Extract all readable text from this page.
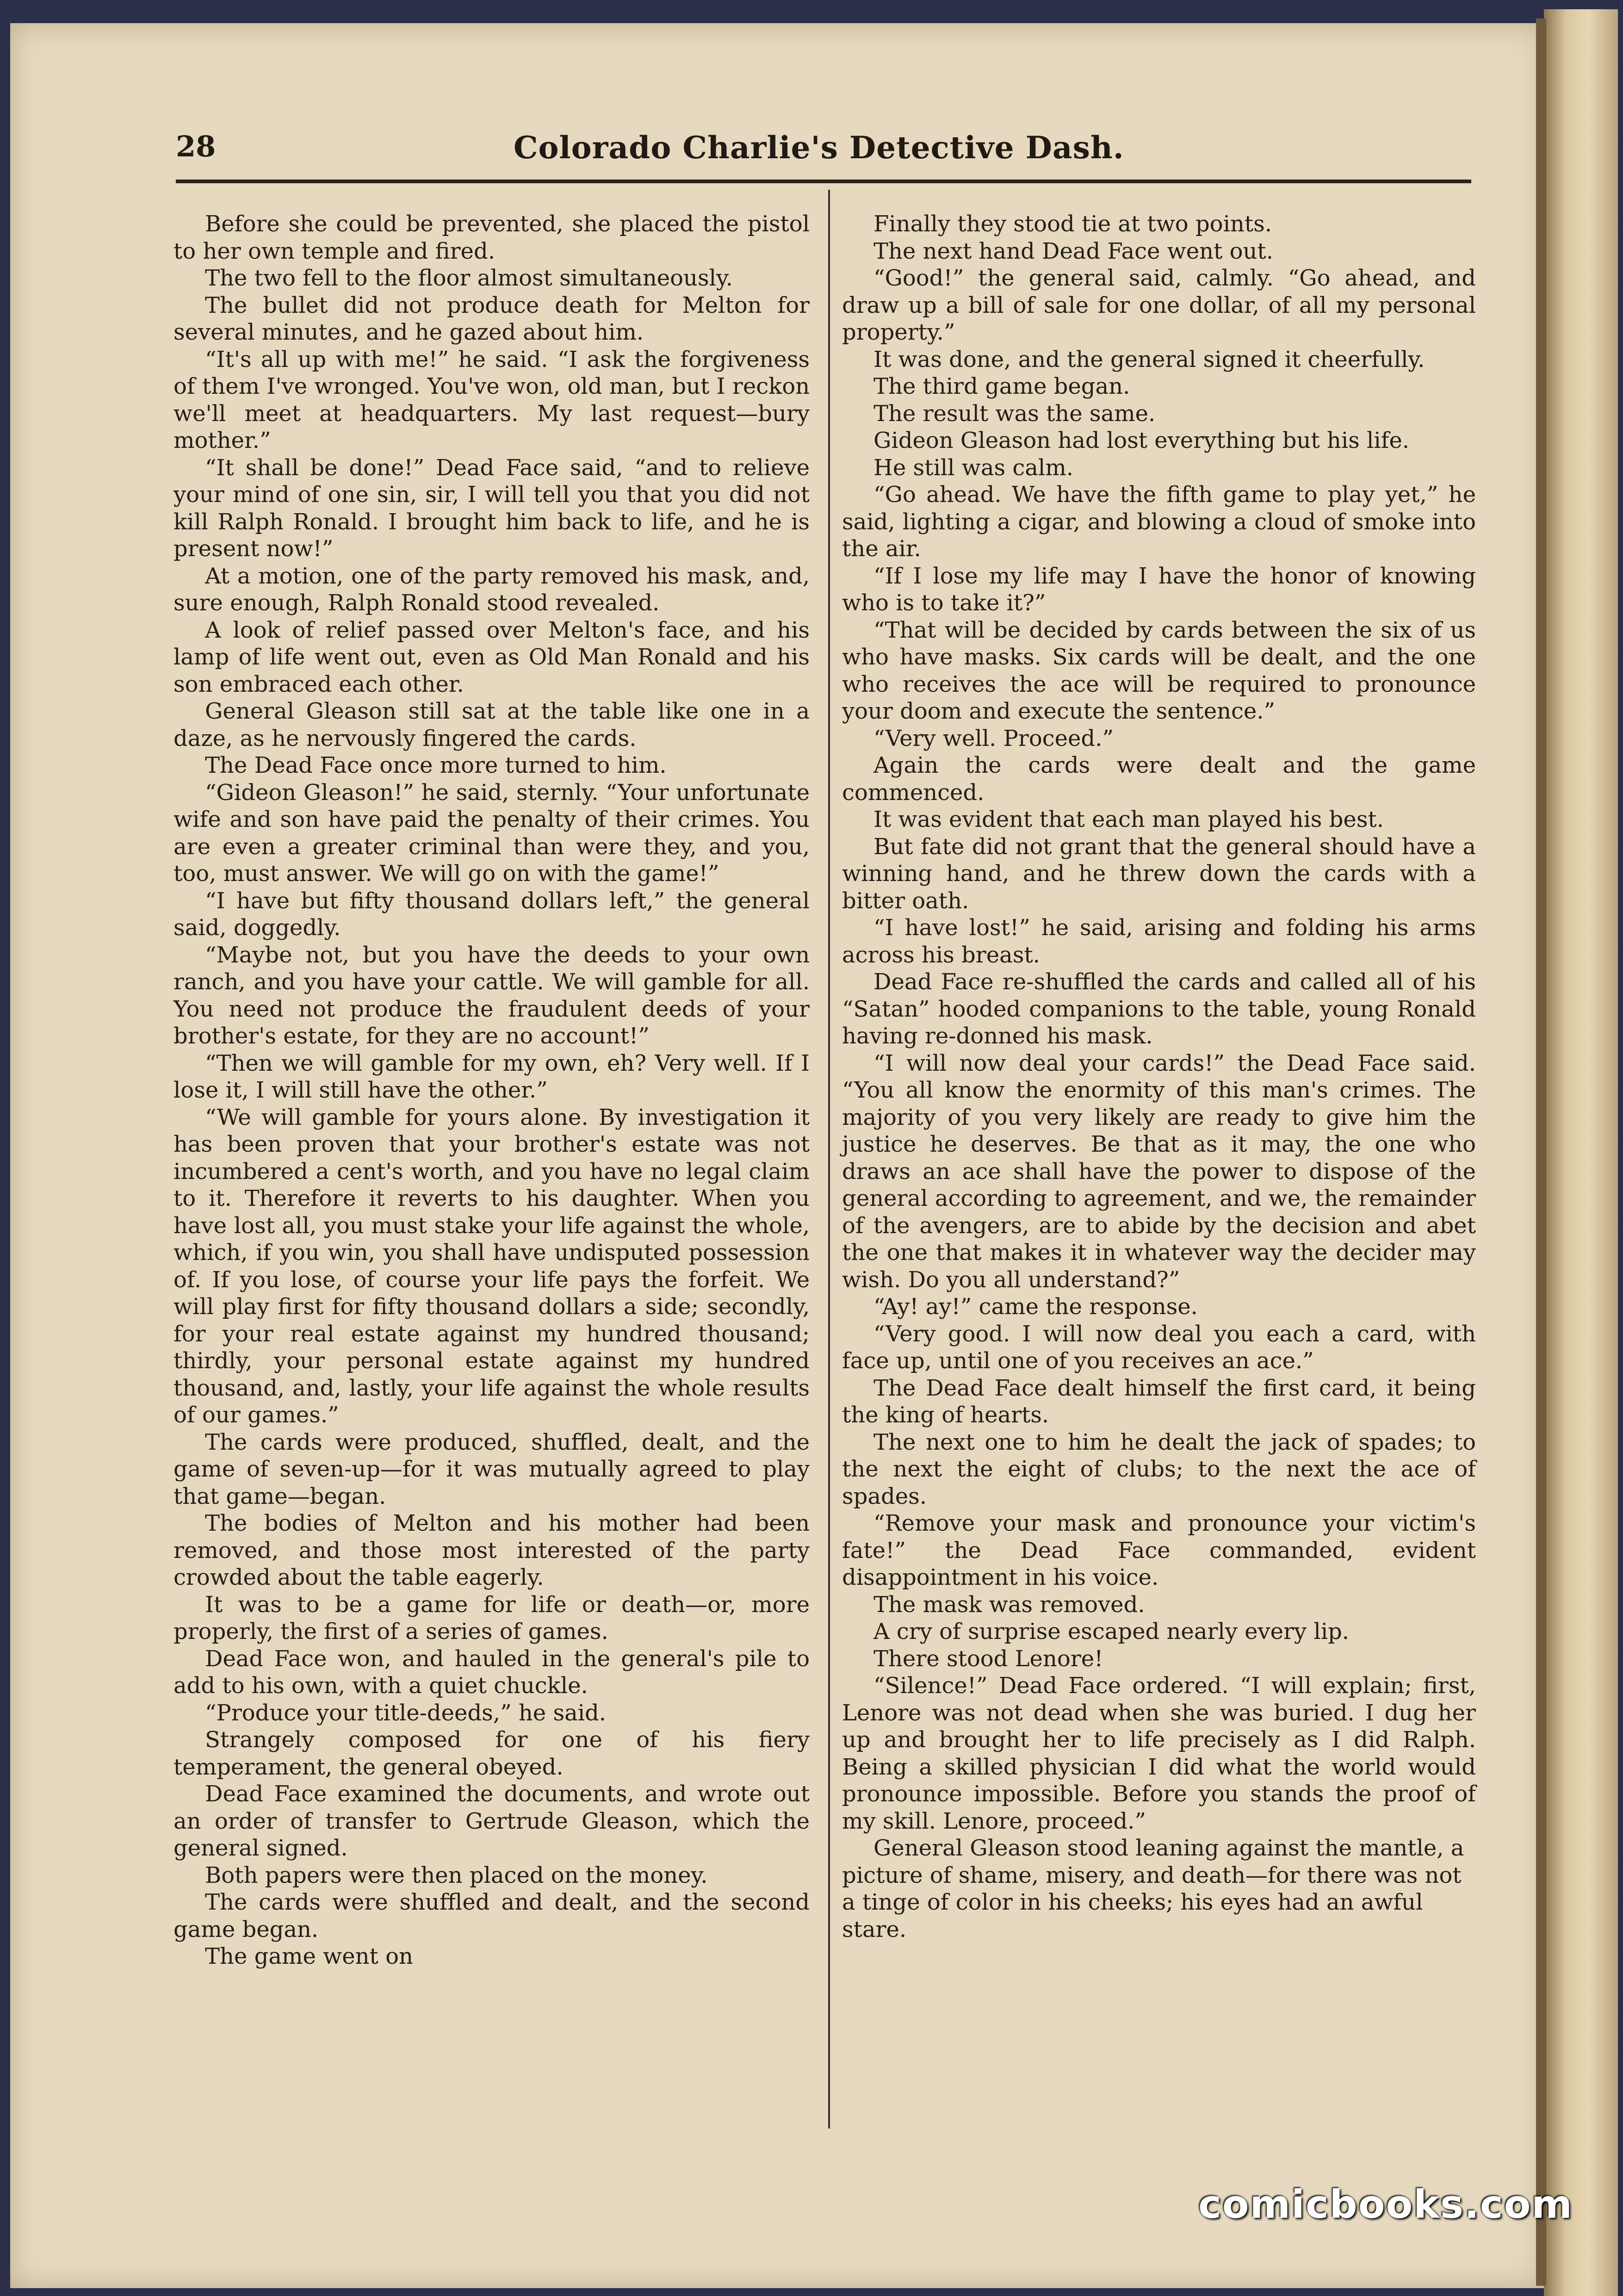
28	Colorado Charlie's Detective Dash.

Before she could be prevented, she placed the pistol to her own temple and fired.

The two fell to the floor almost simultaneously.

The bullet did not produce death for Melton for several minutes, and he gazed about him.

“It's all up with me!” he said. “I ask the forgiveness of them I've wronged. You've won, old man, but I reckon we'll meet at headquarters. My last request—bury mother.”

“It shall be done!” Dead Face said, “and to relieve your mind of one sin, sir, I will tell you that you did not kill Ralph Ronald. I brought him back to life, and he is present now!”

At a motion, one of the party removed his mask, and, sure enough, Ralph Ronald stood revealed.

A look of relief passed over Melton's face, and his lamp of life went out, even as Old Man Ronald and his son embraced each other.

General Gleason still sat at the table like one in a daze, as he nervously fingered the cards.

The Dead Face once more turned to him.

“Gideon Gleason!” he said, sternly. “Your unfortunate wife and son have paid the penalty of their crimes. You are even a greater criminal than were they, and you, too, must answer. We will go on with the game!”

“I have but fifty thousand dollars left,” the general said, doggedly.

“Maybe not, but you have the deeds to your own ranch, and you have your cattle. We will gamble for all. You need not produce the fraudulent deeds of your brother's estate, for they are no account!”

“Then we will gamble for my own, eh? Very well. If I lose it, I will still have the other.”

“We will gamble for yours alone. By investigation it has been proven that your brother's estate was not incumbered a cent's worth, and you have no legal claim to it. Therefore it reverts to his daughter. When you have lost all, you must stake your life against the whole, which, if you win, you shall have undisputed possession of. If you lose, of course your life pays the forfeit. We will play first for fifty thousand dollars a side; secondly, for your real estate against my hundred thousand; thirdly, your personal estate against my hundred thousand, and, lastly, your life against the whole results of our games.”

The cards were produced, shuffled, dealt, and the game of seven-up—for it was mutually agreed to play that game—began.

The bodies of Melton and his mother had been removed, and those most interested of the party crowded about the table eagerly.

It was to be a game for life or death—or, more properly, the first of a series of games.

Dead Face won, and hauled in the general's pile to add to his own, with a quiet chuckle.

“Produce your title-deeds,” he said.

Strangely composed for one of his fiery temperament, the general obeyed.

Dead Face examined the documents, and wrote out an order of transfer to Gertrude Gleason, which the general signed.

Both papers were then placed on the money.

The cards were shuffled and dealt, and the second game began.

The game went on

Finally they stood tie at two points.

The next hand Dead Face went out.

“Good!” the general said, calmly. “Go ahead, and draw up a bill of sale for one dollar, of all my personal property.”

It was done, and the general signed it cheerfully.

The third game began.

The result was the same.

Gideon Gleason had lost everything but his life.

He still was calm.

“Go ahead. We have the fifth game to play yet,” he said, lighting a cigar, and blowing a cloud of smoke into the air.

“If I lose my life may I have the honor of knowing who is to take it?”

“That will be decided by cards between the six of us who have masks. Six cards will be dealt, and the one who receives the ace will be required to pronounce your doom and execute the sentence.”

“Very well. Proceed.”

Again the cards were dealt and the game commenced.

It was evident that each man played his best.

But fate did not grant that the general should have a winning hand, and he threw down the cards with a bitter oath.

“I have lost!” he said, arising and folding his arms across his breast.

Dead Face re-shuffled the cards and called all of his “Satan” hooded companions to the table, young Ronald having re-donned his mask.

“I will now deal your cards!” the Dead Face said. “You all know the enormity of this man's crimes. The majority of you very likely are ready to give him the justice he deserves. Be that as it may, the one who draws an ace shall have the power to dispose of the general according to agreement, and we, the remainder of the avengers, are to abide by the decision and abet the one that makes it in whatever way the decider may wish. Do you all understand?”

“Ay! ay!” came the response.

“Very good. I will now deal you each a card, with face up, until one of you receives an ace.”

The Dead Face dealt himself the first card, it being the king of hearts.

The next one to him he dealt the jack of spades; to the next the eight of clubs; to the next the ace of spades.

“Remove your mask and pronounce your victim's fate!” the Dead Face commanded, evident disappointment in his voice.

The mask was removed.

A cry of surprise escaped nearly every lip.

There stood Lenore!

“Silence!” Dead Face ordered. “I will explain; first, Lenore was not dead when she was buried. I dug her up and brought her to life precisely as I did Ralph. Being a skilled physician I did what the world would pronounce impossible. Before you stands the proof of my skill. Lenore, proceed.”

General Gleason stood leaning against the mantle, a picture of shame, misery, and death—for there was not a tinge of color in his cheeks; his eyes had an awful stare.

comicbooks.com
